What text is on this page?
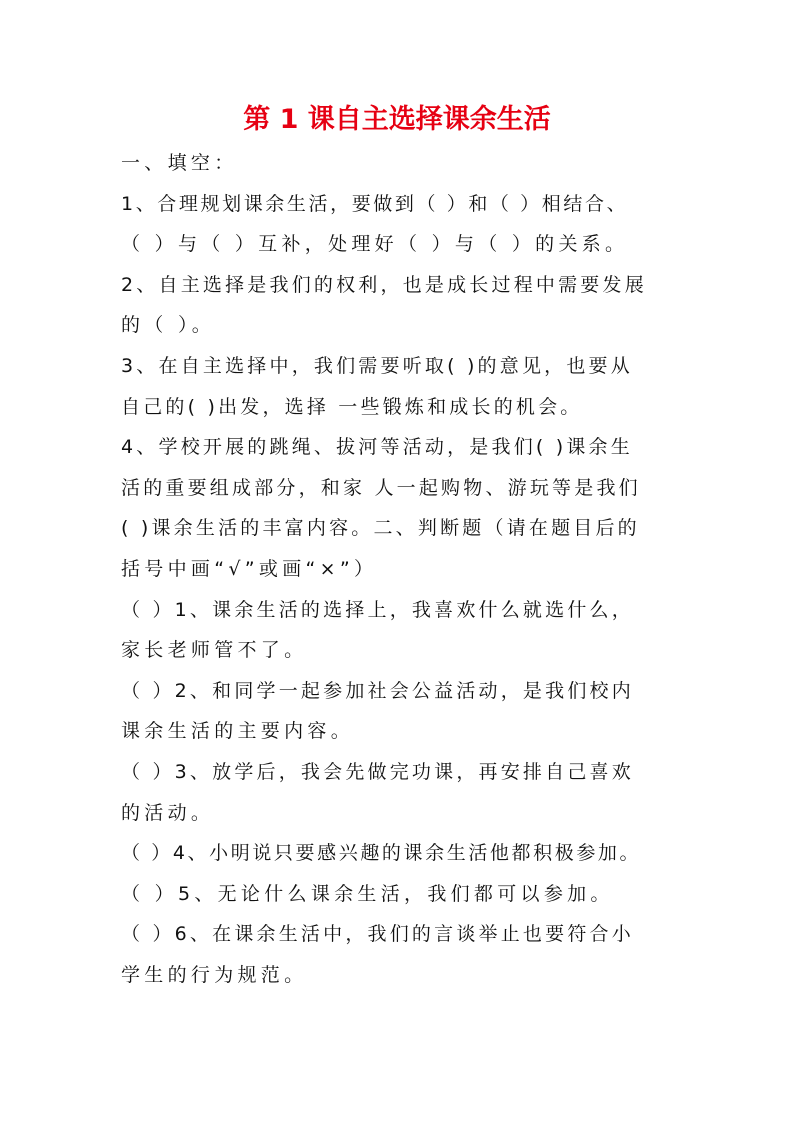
第 1 课自主选择课余生活
一、填空：
1、合理规划课余生活，要做到（ ）和（ ）相结合、
（ ）与（ ）互补，处理好（ ）与（ ）的关系。
2、自主选择是我们的权利，也是成长过程中需要发展
的（ ）。
3、在自主选择中，我们需要听取( )的意见，也要从
自己的( )出发，选择 一些锻炼和成长的机会。
4、学校开展的跳绳、拔河等活动，是我们( )课余生
活的重要组成部分，和家 人一起购物、游玩等是我们
( )课余生活的丰富内容。二、判断题（请在题目后的
括号中画“√”或画“×”）
（ ）1、课余生活的选择上，我喜欢什么就选什么，
家长老师管不了。
（ ）2、和同学一起参加社会公益活动，是我们校内
课余生活的主要内容。
（ ）3、放学后，我会先做完功课，再安排自己喜欢
的活动。
（ ）4、小明说只要感兴趣的课余生活他都积极参加。
（ ）5、无论什么课余生活，我们都可以参加。
（ ）6、在课余生活中，我们的言谈举止也要符合小
学生的行为规范。
